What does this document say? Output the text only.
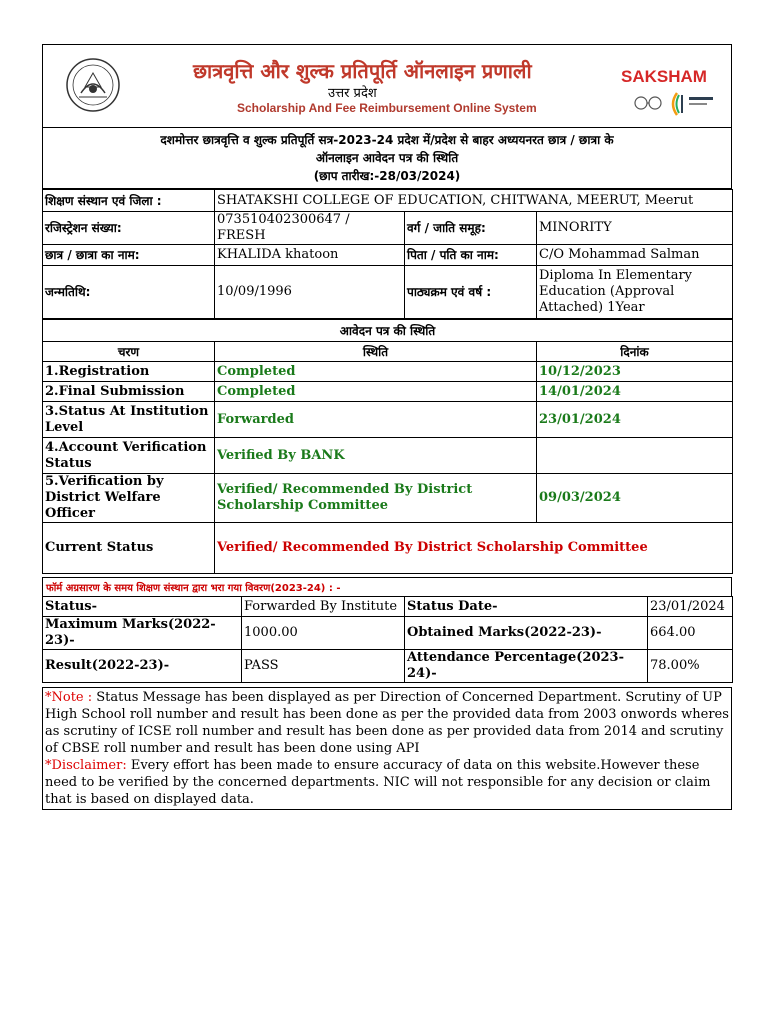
छात्रवृत्ति और शुल्क प्रतिपूर्ति ऑनलाइन प्रणाली
उत्तर प्रदेश
Scholarship And Fee Reimbursement Online System
SAKSHAM
दशमोत्तर छात्रवृत्ति व शुल्क प्रतिपूर्ति सत्र-2023-24 प्रदेश में/प्रदेश से बाहर अध्ययनरत छात्र / छात्रा के
ऑनलाइन आवेदन पत्र की स्थिति
(छाप तारीख:-28/03/2024)
शिक्षण संस्थान एवं जिला :	SHATAKSHI COLLEGE OF EDUCATION, CHITWANA, MEERUT, Meerut		
रजिस्ट्रेशन संख्या:	073510402300647 / FRESH	वर्ग / जाति समूह:	MINORITY
छात्र / छात्रा का नाम:	KHALIDA khatoon	पिता / पति का नाम:	C/O Mohammad Salman
जन्मतिथि:	10/09/1996	पाठ्यक्रम एवं वर्ष :	Diploma In Elementary Education (Approval Attached) 1Year
आवेदन पत्र की स्थिति		
चरण	स्थिति	दिनांक
1.Registration	Completed	10/12/2023
2.Final Submission	Completed	14/01/2024
3.Status At Institution Level	Forwarded	23/01/2024
4.Account Verification Status	Verified By BANK	
5.Verification by District Welfare Officer	Verified/ Recommended By District Scholarship Committee	09/03/2024
Current Status	Verified/ Recommended By District Scholarship Committee	
फॉर्म अग्रसारण के समय शिक्षण संस्थान द्वारा भरा गया विवरण(2023-24) : -
Status-	Forwarded By Institute	Status Date-	23/01/2024
Maximum Marks(2022-23)-	1000.00	Obtained Marks(2022-23)-	664.00
Result(2022-23)-	PASS	Attendance Percentage(2023-24)-	78.00%
*Note : Status Message has been displayed as per Direction of Concerned Department. Scrutiny of UP High School roll number and result has been done as per the provided data from 2003 onwords wheres as scrutiny of ICSE roll number and result has been done as per provided data from 2014 and scrutiny of CBSE roll number and result has been done using API
*Disclaimer: Every effort has been made to ensure accuracy of data on this website.However these need to be verified by the concerned departments. NIC will not responsible for any decision or claim that is based on displayed data.
